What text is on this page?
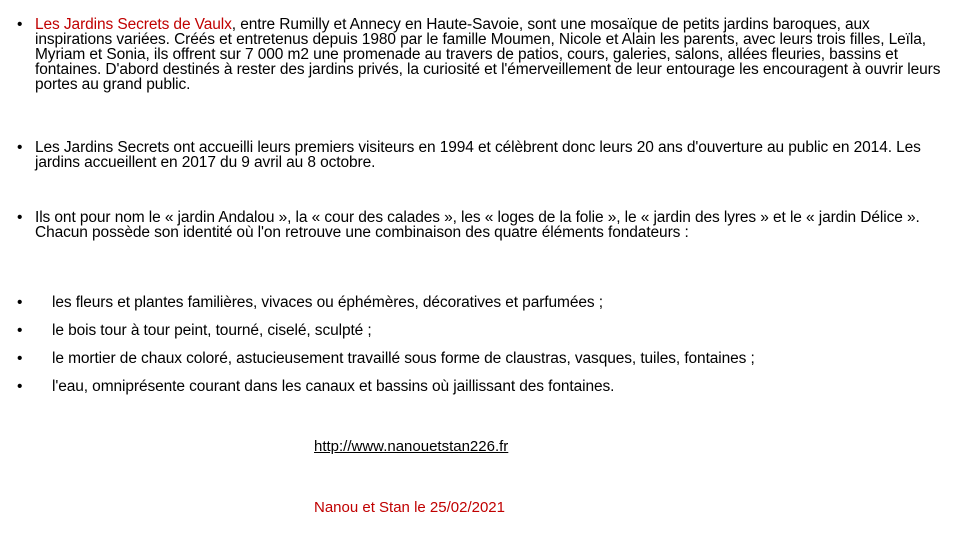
• Les Jardins Secrets de Vaulx, entre Rumilly et Annecy en Haute-Savoie, sont une mosaïque de petits jardins baroques, aux inspirations variées. Créés et entretenus depuis 1980 par le famille Moumen, Nicole et Alain les parents, avec leurs trois filles, Leïla, Myriam et Sonia, ils offrent sur 7 000 m2 une promenade au travers de patios, cours, galeries, salons, allées fleuries, bassins et fontaines. D'abord destinés à rester des jardins privés, la curiosité et l'émerveillement de leur entourage les encouragent à ouvrir leurs portes au grand public.
• Les Jardins Secrets ont accueilli leurs premiers visiteurs en 1994 et célèbrent donc leurs 20 ans d'ouverture au public en 2014. Les jardins accueillent en 2017 du 9 avril au 8 octobre.
• Ils ont pour nom le « jardin Andalou », la « cour des calades », les « loges de la folie », le « jardin des lyres » et le « jardin Délice ». Chacun possède son identité où l'on retrouve une combinaison des quatre éléments fondateurs :
• les fleurs et plantes familières, vivaces ou éphémères, décoratives et parfumées ;
• le bois tour à tour peint, tourné, ciselé, sculpté ;
• le mortier de chaux coloré, astucieusement travaillé sous forme de claustras, vasques, tuiles, fontaines ;
• l'eau, omniprésente courant dans les canaux et bassins où jaillissant des fontaines.
http://www.nanouetstan226.fr
Nanou et Stan le 25/02/2021
